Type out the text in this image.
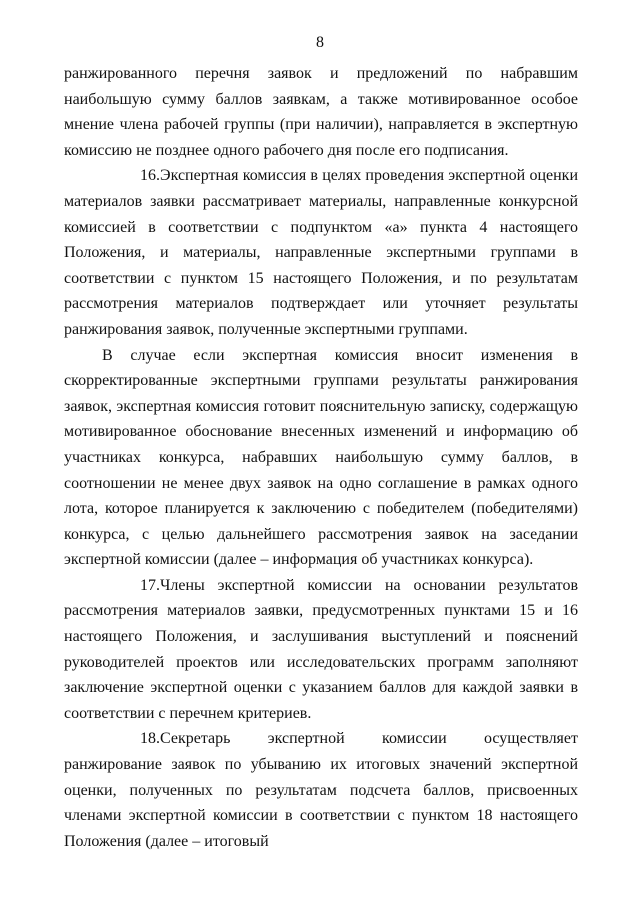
8

ранжированного перечня заявок и предложений по набравшим наибольшую сумму баллов заявкам, а также мотивированное особое мнение члена рабочей группы (при наличии), направляется в экспертную комиссию не позднее одного рабочего дня после его подписания.

16.Экспертная комиссия в целях проведения экспертной оценки материалов заявки рассматривает материалы, направленные конкурсной комиссией в соответствии с подпунктом «а» пункта 4 настоящего Положения, и материалы, направленные экспертными группами в соответствии с пунктом 15 настоящего Положения, и по результатам рассмотрения материалов подтверждает или уточняет результаты ранжирования заявок, полученные экспертными группами.

В случае если экспертная комиссия вносит изменения в скорректированные экспертными группами результаты ранжирования заявок, экспертная комиссия готовит пояснительную записку, содержащую мотивированное обоснование внесенных изменений и информацию об участниках конкурса, набравших наибольшую сумму баллов, в соотношении не менее двух заявок на одно соглашение в рамках одного лота, которое планируется к заключению с победителем (победителями) конкурса, с целью дальнейшего рассмотрения заявок на заседании экспертной комиссии (далее – информация об участниках конкурса).

17.Члены экспертной комиссии на основании результатов рассмотрения материалов заявки, предусмотренных пунктами 15 и 16 настоящего Положения, и заслушивания выступлений и пояснений руководителей проектов или исследовательских программ заполняют заключение экспертной оценки с указанием баллов для каждой заявки в соответствии с перечнем критериев.

18.Секретарь экспертной комиссии осуществляет ранжирование заявок по убыванию их итоговых значений экспертной оценки, полученных по результатам подсчета баллов, присвоенных членами экспертной комиссии в соответствии с пунктом 18 настоящего Положения (далее – итоговый
